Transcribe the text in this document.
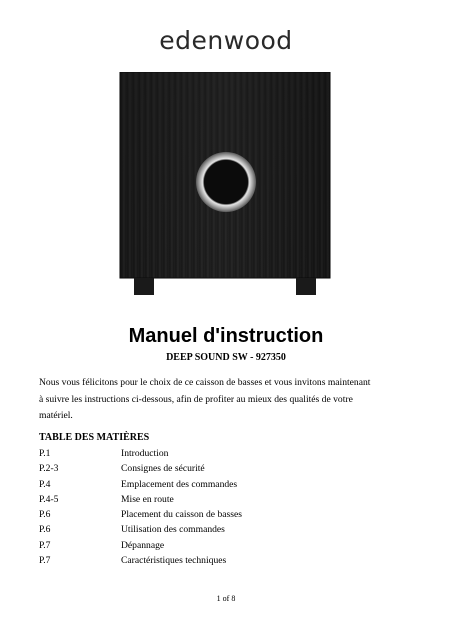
edenwood
Manuel d'instruction
DEEP SOUND SW - 927350
Nous vous félicitons pour le choix de ce caisson de basses et vous invitons maintenant
à suivre les instructions ci-dessous, afin de profiter au mieux des qualités de votre
matériel.
TABLE DES MATIÈRES
P.1	Introduction
P.2-3	Consignes de sécurité
P.4	Emplacement des commandes
P.4-5	Mise en route
P.6	Placement du caisson de basses
P.6	Utilisation des commandes
P.7	Dépannage
P.7	Caractéristiques techniques
1 of 8
